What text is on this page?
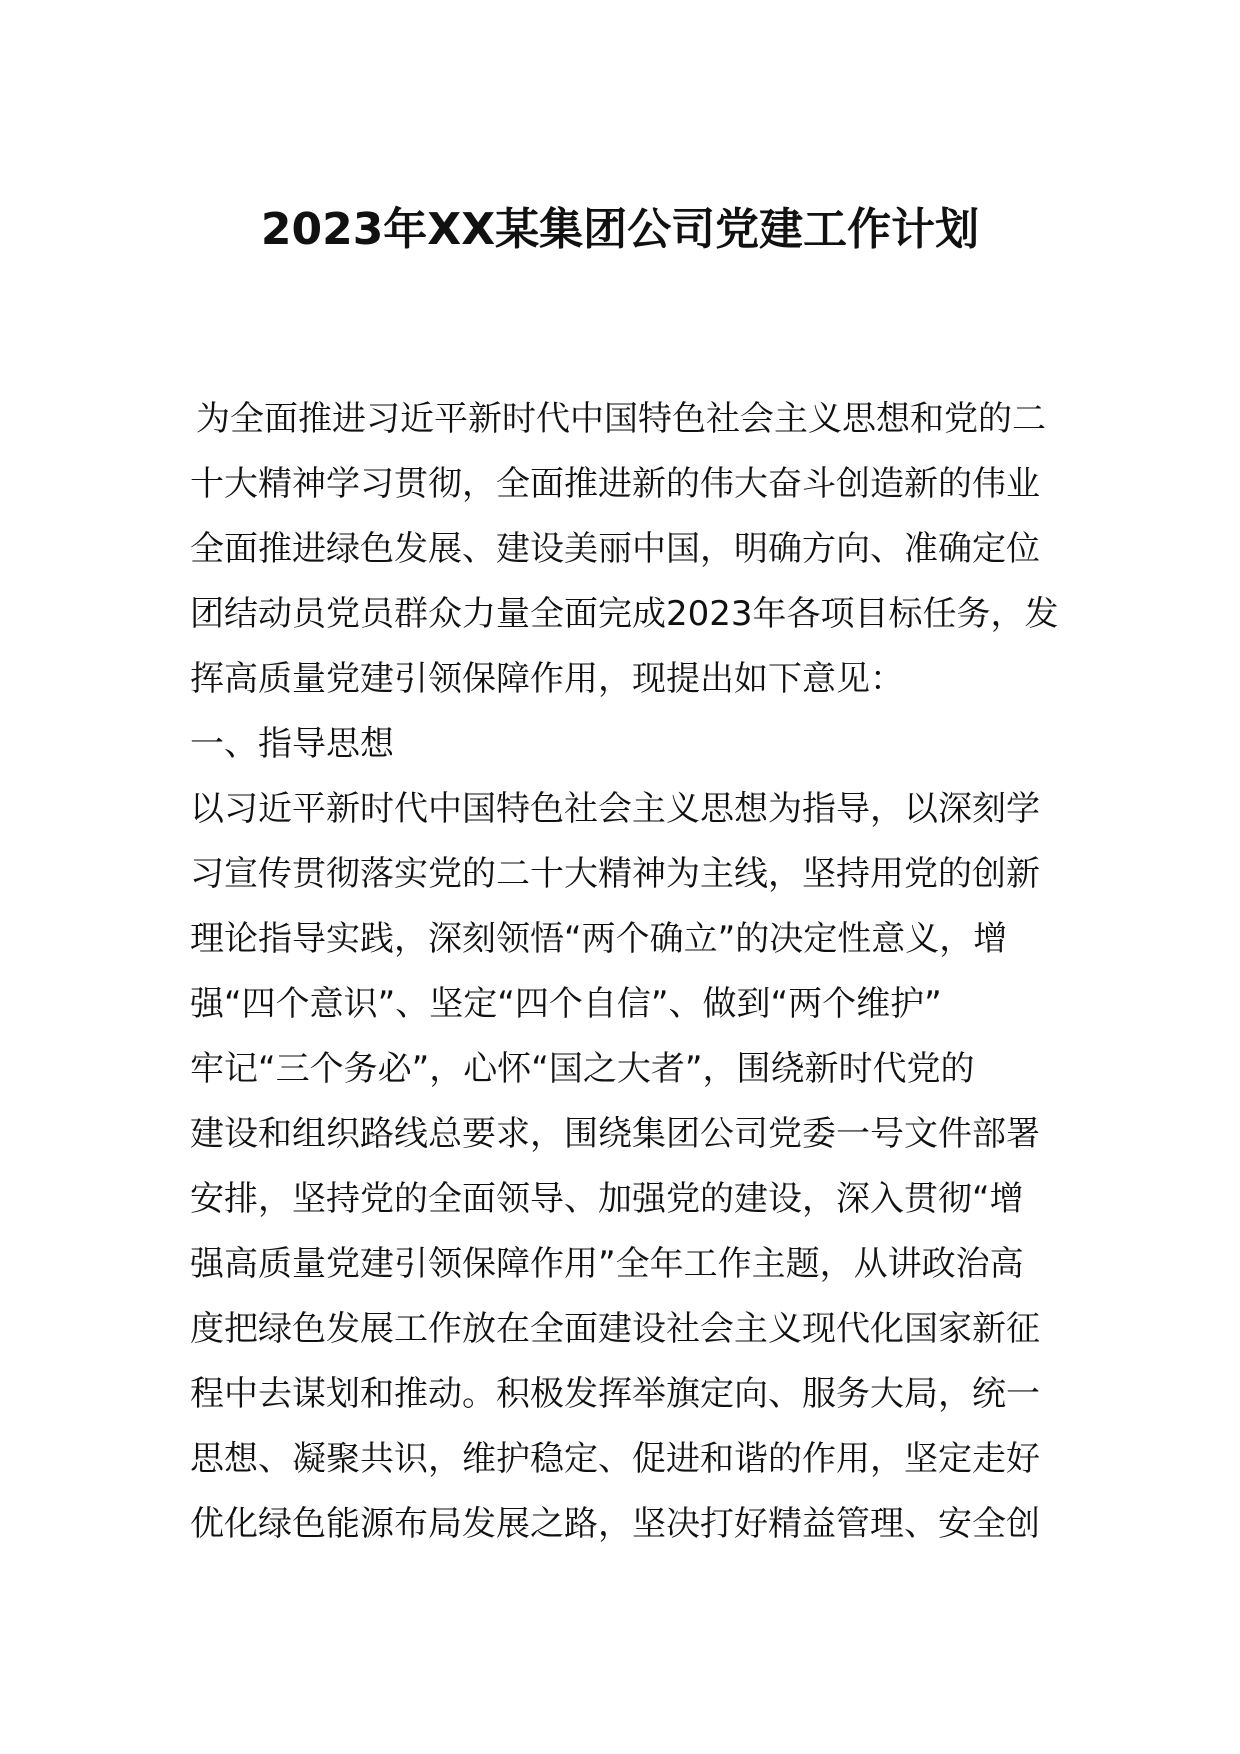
2023年XX某集团公司党建工作计划
为全面推进习近平新时代中国特色社会主义思想和党的二
十大精神学习贯彻，全面推进新的伟大奋斗创造新的伟业
全面推进绿色发展、建设美丽中国，明确方向、准确定位
团结动员党员群众力量全面完成2023年各项目标任务，发
挥高质量党建引领保障作用，现提出如下意见：
一、指导思想
以习近平新时代中国特色社会主义思想为指导，以深刻学
习宣传贯彻落实党的二十大精神为主线，坚持用党的创新
理论指导实践，深刻领悟“两个确立”的决定性意义，增
强“四个意识”、坚定“四个自信”、做到“两个维护”
牢记“三个务必”，心怀“国之大者”，围绕新时代党的
建设和组织路线总要求，围绕集团公司党委一号文件部署
安排，坚持党的全面领导、加强党的建设，深入贯彻“增
强高质量党建引领保障作用”全年工作主题，从讲政治高
度把绿色发展工作放在全面建设社会主义现代化国家新征
程中去谋划和推动。积极发挥举旗定向、服务大局，统一
思想、凝聚共识，维护稳定、促进和谐的作用，坚定走好
优化绿色能源布局发展之路，坚决打好精益管理、安全创
